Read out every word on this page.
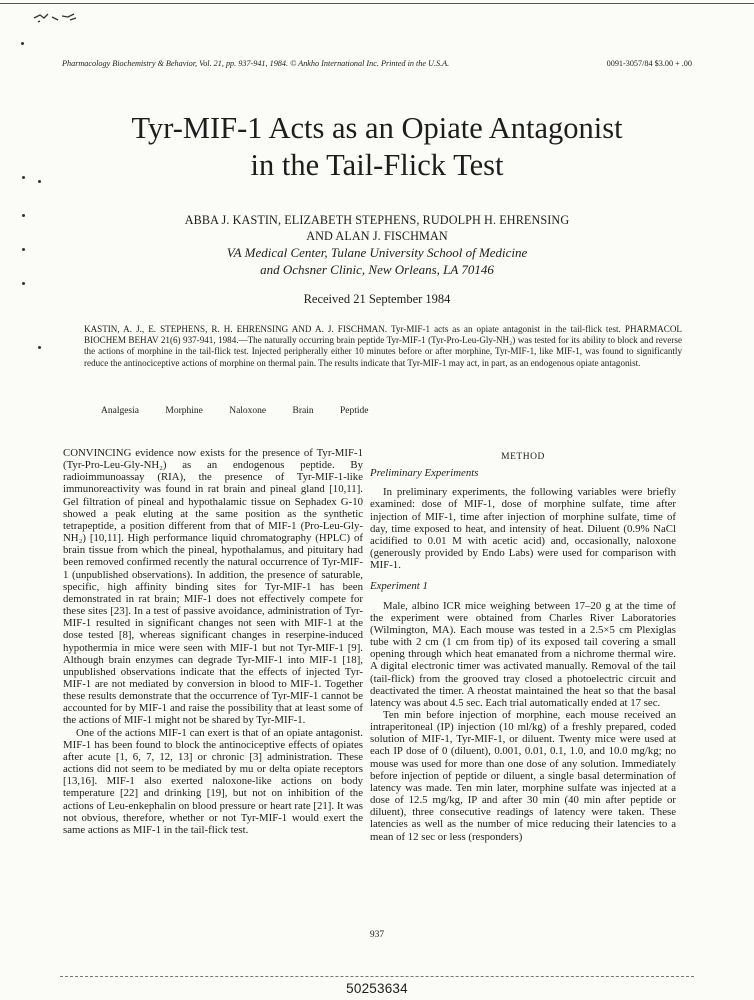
Pharmacology Biochemistry & Behavior, Vol. 21, pp. 937-941, 1984. © Ankho International Inc. Printed in the U.S.A.	0091-3057/84 $3.00 + .00
Tyr-MIF-1 Acts as an Opiate Antagonist
in the Tail-Flick Test
ABBA J. KASTIN, ELIZABETH STEPHENS, RUDOLPH H. EHRENSING
AND ALAN J. FISCHMAN
VA Medical Center, Tulane University School of Medicine
and Ochsner Clinic, New Orleans, LA 70146
Received 21 September 1984
KASTIN, A. J., E. STEPHENS, R. H. EHRENSING AND A. J. FISCHMAN. Tyr-MIF-1 acts as an opiate antagonist in the tail-flick test. PHARMACOL BIOCHEM BEHAV 21(6) 937-941, 1984.—The naturally occurring brain peptide Tyr-MIF-1 (Tyr-Pro-Leu-Gly-NH₂) was tested for its ability to block and reverse the actions of morphine in the tail-flick test. Injected peripherally either 10 minutes before or after morphine, Tyr-MIF-1, like MIF-1, was found to significantly reduce the antinociceptive actions of morphine on thermal pain. The results indicate that Tyr-MIF-1 may act, in part, as an endogenous opiate antagonist.
Analgesia	Morphine	Naloxone	Brain	Peptide

CONVINCING evidence now exists for the presence of Tyr-MIF-1 (Tyr-Pro-Leu-Gly-NH₂) as an endogenous peptide. By radioimmunoassay (RIA), the presence of Tyr-MIF-1-like immunoreactivity was found in rat brain and pineal gland [10,11]. Gel filtration of pineal and hypothalamic tissue on Sephadex G-10 showed a peak eluting at the same position as the synthetic tetrapeptide, a position different from that of MIF-1 (Pro-Leu-Gly-NH₂) [10,11]. High performance liquid chromatography (HPLC) of brain tissue from which the pineal, hypothalamus, and pituitary had been removed confirmed recently the natural occurrence of Tyr-MIF-1 (unpublished observations). In addition, the presence of saturable, specific, high affinity binding sites for Tyr-MIF-1 has been demonstrated in rat brain; MIF-1 does not effectively compete for these sites [23]. In a test of passive avoidance, administration of Tyr-MIF-1 resulted in significant changes not seen with MIF-1 at the dose tested [8], whereas significant changes in reserpine-induced hypothermia in mice were seen with MIF-1 but not Tyr-MIF-1 [9]. Although brain enzymes can degrade Tyr-MIF-1 into MIF-1 [18], unpublished observations indicate that the effects of injected Tyr-MIF-1 are not mediated by conversion in blood to MIF-1. Together these results demonstrate that the occurrence of Tyr-MIF-1 cannot be accounted for by MIF-1 and raise the possibility that at least some of the actions of MIF-1 might not be shared by Tyr-MIF-1.

One of the actions MIF-1 can exert is that of an opiate antagonist. MIF-1 has been found to block the antinociceptive effects of opiates after acute [1, 6, 7, 12, 13] or chronic [3] administration. These actions did not seem to be mediated by mu or delta opiate receptors [13,16]. MIF-1 also exerted naloxone-like actions on body temperature [22] and drinking [19], but not on inhibition of the actions of Leu-enkephalin on blood pressure or heart rate [21]. It was not obvious, therefore, whether or not Tyr-MIF-1 would exert the same actions as MIF-1 in the tail-flick test.

METHOD
Preliminary Experiments

In preliminary experiments, the following variables were briefly examined: dose of MIF-1, dose of morphine sulfate, time after injection of MIF-1, time after injection of morphine sulfate, time of day, time exposed to heat, and intensity of heat. Diluent (0.9% NaCl acidified to 0.01 M with acetic acid) and, occasionally, naloxone (generously provided by Endo Labs) were used for comparison with MIF-1.

Experiment 1

Male, albino ICR mice weighing between 17–20 g at the time of the experiment were obtained from Charles River Laboratories (Wilmington, MA). Each mouse was tested in a 2.5×5 cm Plexiglas tube with 2 cm (1 cm from tip) of its exposed tail covering a small opening through which heat emanated from a nichrome thermal wire. A digital electronic timer was activated manually. Removal of the tail (tail-flick) from the grooved tray closed a photoelectric circuit and deactivated the timer. A rheostat maintained the heat so that the basal latency was about 4.5 sec. Each trial automatically ended at 17 sec.

Ten min before injection of morphine, each mouse received an intraperitoneal (IP) injection (10 ml/kg) of a freshly prepared, coded solution of MIF-1, Tyr-MIF-1, or diluent. Twenty mice were used at each IP dose of 0 (diluent), 0.001, 0.01, 0.1, 1.0, and 10.0 mg/kg; no mouse was used for more than one dose of any solution. Immediately before injection of peptide or diluent, a single basal determination of latency was made. Ten min later, morphine sulfate was injected at a dose of 12.5 mg/kg, IP and after 30 min (40 min after peptide or diluent), three consecutive readings of latency were taken. These latencies as well as the number of mice reducing their latencies to a mean of 12 sec or less (responders)

937
50253634
